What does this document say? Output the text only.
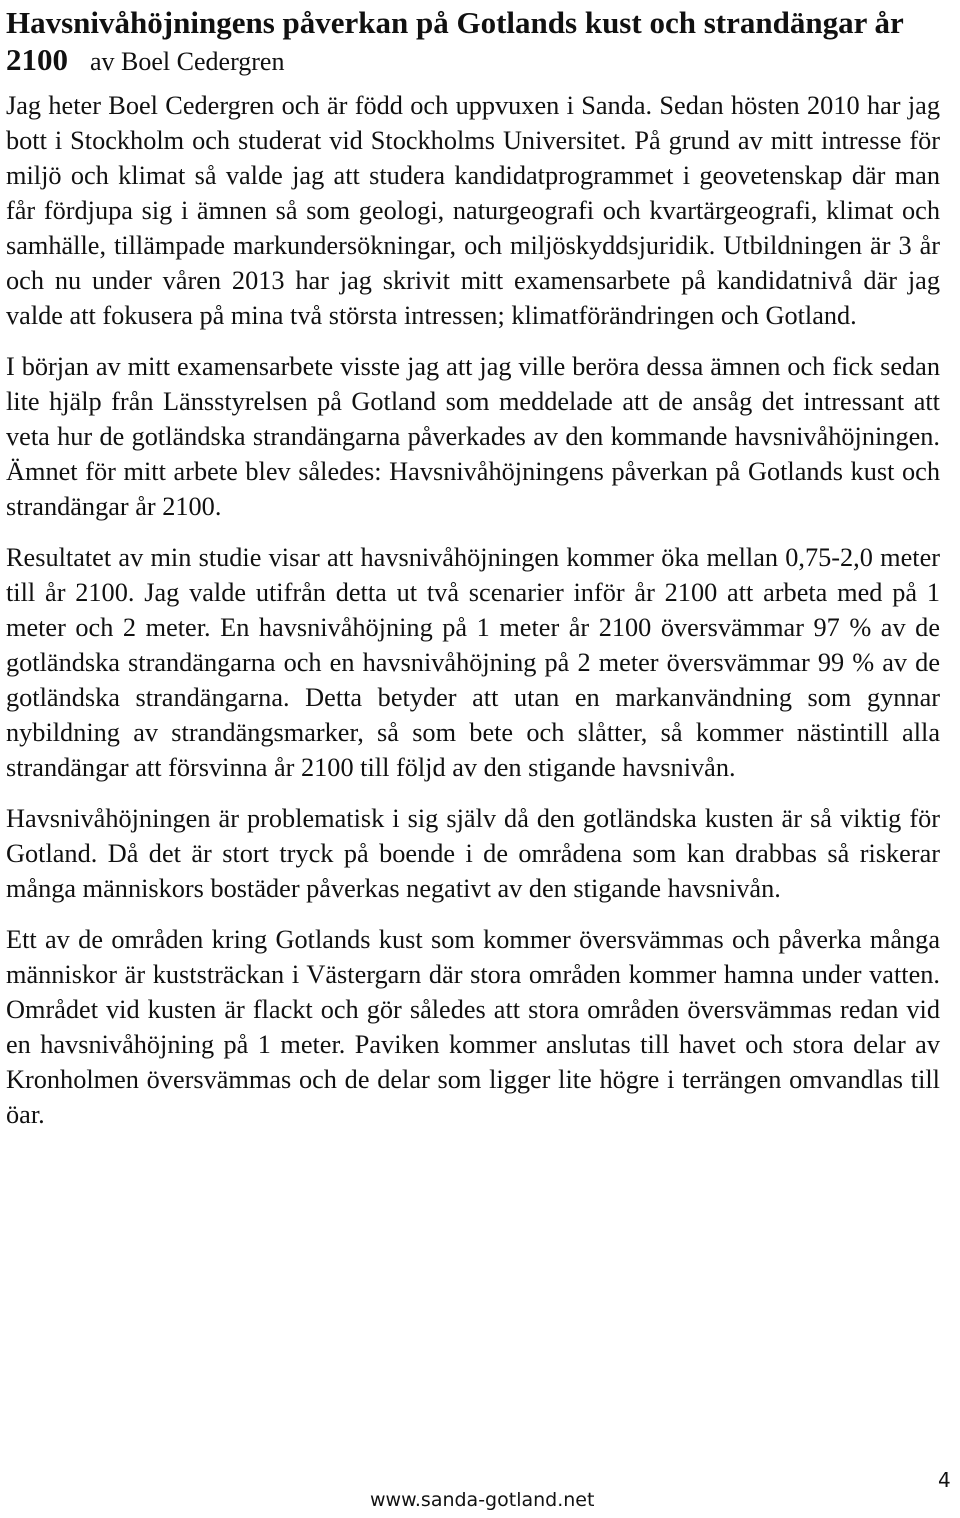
Havsnivåhöjningens påverkan på Gotlands kust och strandängar år 2100 av Boel Cedergren

Jag heter Boel Cedergren och är född och uppvuxen i Sanda. Sedan hösten 2010 har jag bott i Stockholm och studerat vid Stockholms Universitet. På grund av mitt intresse för miljö och klimat så valde jag att studera kandidatprogrammet i geovetenskap där man får fördjupa sig i ämnen så som geologi, naturgeografi och kvartärgeografi, klimat och samhälle, tillämpade markundersökningar, och miljöskyddsjuridik. Utbildningen är 3 år och nu under våren 2013 har jag skrivit mitt examensarbete på kandidatnivå där jag valde att fokusera på mina två största intressen; klimatförändringen och Gotland.

I början av mitt examensarbete visste jag att jag ville beröra dessa ämnen och fick sedan lite hjälp från Länsstyrelsen på Gotland som meddelade att de ansåg det intressant att veta hur de gotländska strandängarna påverkades av den kommande havsnivåhöjningen. Ämnet för mitt arbete blev således: Havsnivåhöjningens påverkan på Gotlands kust och strandängar år 2100.

Resultatet av min studie visar att havsnivåhöjningen kommer öka mellan 0,75-2,0 meter till år 2100. Jag valde utifrån detta ut två scenarier inför år 2100 att arbeta med på 1 meter och 2 meter. En havsnivåhöjning på 1 meter år 2100 översvämmar 97 % av de gotländska strandängarna och en havsnivåhöjning på 2 meter översvämmar 99 % av de gotländska strandängarna. Detta betyder att utan en markanvändning som gynnar nybildning av strandängsmarker, så som bete och slåtter, så kommer nästintill alla strandängar att försvinna år 2100 till följd av den stigande havsnivån.

Havsnivåhöjningen är problematisk i sig själv då den gotländska kusten är så viktig för Gotland. Då det är stort tryck på boende i de områdena som kan drabbas så riskerar många människors bostäder påverkas negativt av den stigande havsnivån.

Ett av de områden kring Gotlands kust som kommer översvämmas och påverka många människor är kuststräckan i Västergarn där stora områden kommer hamna under vatten. Området vid kusten är flackt och gör således att stora områden översvämmas redan vid en havsnivåhöjning på 1 meter. Paviken kommer anslutas till havet och stora delar av Kronholmen översvämmas och de delar som ligger lite högre i terrängen omvandlas till öar.

www.sanda-gotland.net
4
